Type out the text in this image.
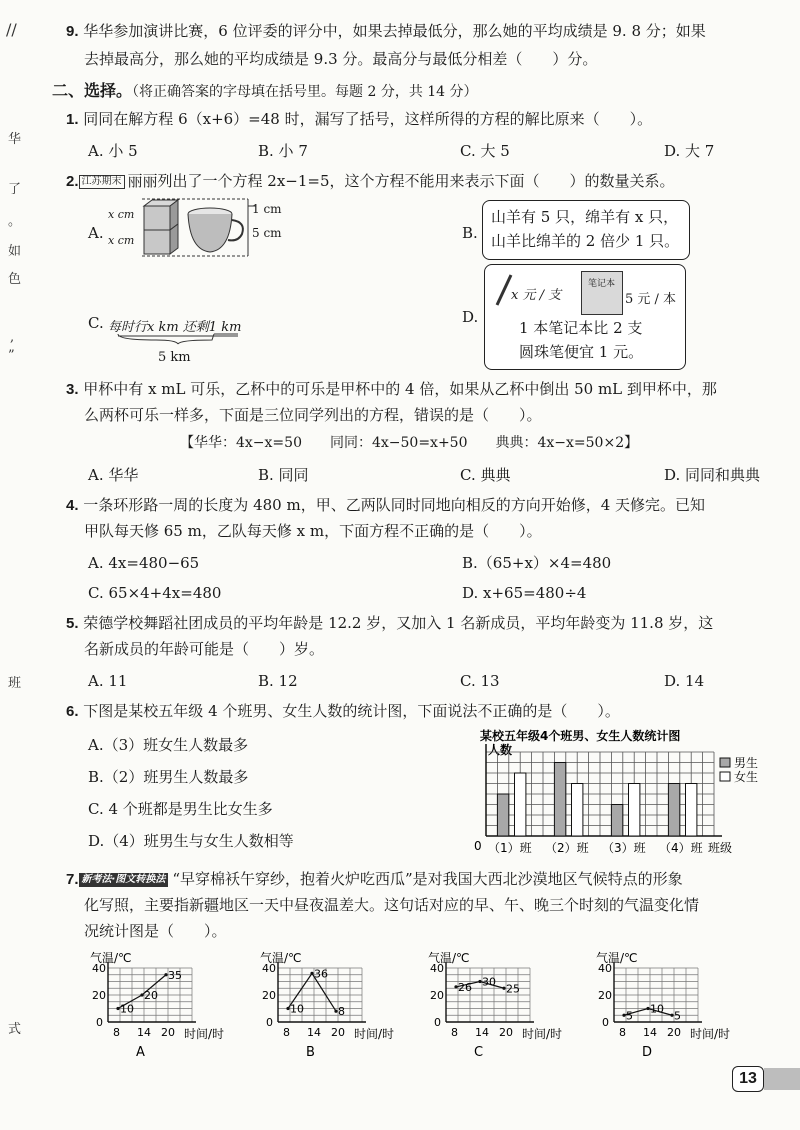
//
华
了
。
如
色
,
”
班
式
9. 华华参加演讲比赛，6 位评委的评分中，如果去掉最低分，那么她的平均成绩是 9. 8 分；如果
去掉最高分，那么她的平均成绩是 9.3 分。最高分与最低分相差（　　）分。
二、选择。（将正确答案的字母填在括号里。每题 2 分，共 14 分）
1. 同同在解方程 6（x+6）=48 时，漏写了括号，这样所得的方程的解比原来（　　）。
A. 小 5	B. 小 7	C. 大 5	D. 大 7
2. 江苏期末 丽丽列出了一个方程 2x−1=5，这个方程不能用来表示下面（　　）的数量关系。
A.
x cm
x cm
1 cm
5 cm	B.
山羊有 5 只，绵羊有 x 只，
山羊比绵羊的 2 倍少 1 只。
C. 每时行x km 还剩1 km
5 km
D.
x 元 / 支
笔记本
5 元 / 本
1 本笔记本比 2 支
圆珠笔便宜 1 元。
3. 甲杯中有 x mL 可乐，乙杯中的可乐是甲杯中的 4 倍，如果从乙杯中倒出 50 mL 到甲杯中，那
么两杯可乐一样多，下面是三位同学列出的方程，错误的是（　　）。
【华华：4x−x=50　　同同：4x−50=x+50　　典典：4x−x=50×2】
A. 华华	B. 同同	C. 典典	D. 同同和典典
4. 一条环形路一周的长度为 480 m，甲、乙两队同时同地向相反的方向开始修，4 天修完。已知
甲队每天修 65 m，乙队每天修 x m，下面方程不正确的是（　　）。
A. 4x=480−65	B.（65+x）×4=480
C. 65×4+4x=480	D. x+65=480÷4
5. 荣德学校舞蹈社团成员的平均年龄是 12.2 岁，又加入 1 名新成员，平均年龄变为 11.8 岁，这
名新成员的年龄可能是（　　）岁。
A. 11	B. 12	C. 13	D. 14
6. 下图是某校五年级 4 个班男、女生人数的统计图，下面说法不正确的是（　　）。
A.（3）班女生人数最多
B.（2）班男生人数最多
C. 4 个班都是男生比女生多
D.（4）班男生与女生人数相等
某校五年级4个班男、女生人数统计图
人数
0 （1）班 （2）班 （3）班 （4）班 班级
男生
女生
7. 新考法·图文转换法 “早穿棉袄午穿纱，抱着火炉吃西瓜”是对我国大西北沙漠地区气候特点的形象
化写照，主要指新疆地区一天中昼夜温差大。这句话对应的早、午、晚三个时刻的气温变化情
况统计图是（　　）。
气温/℃
40
20
0
8 14 20 时间/时
10
20
35
A
气温/℃
40
20
0
8 14 20 时间/时
10
36
8
B
气温/℃
40
20
0
8 14 20 时间/时
26 30
25
C
气温/℃
40
20
0
8 14 20 时间/时
5
10
5
D
13
